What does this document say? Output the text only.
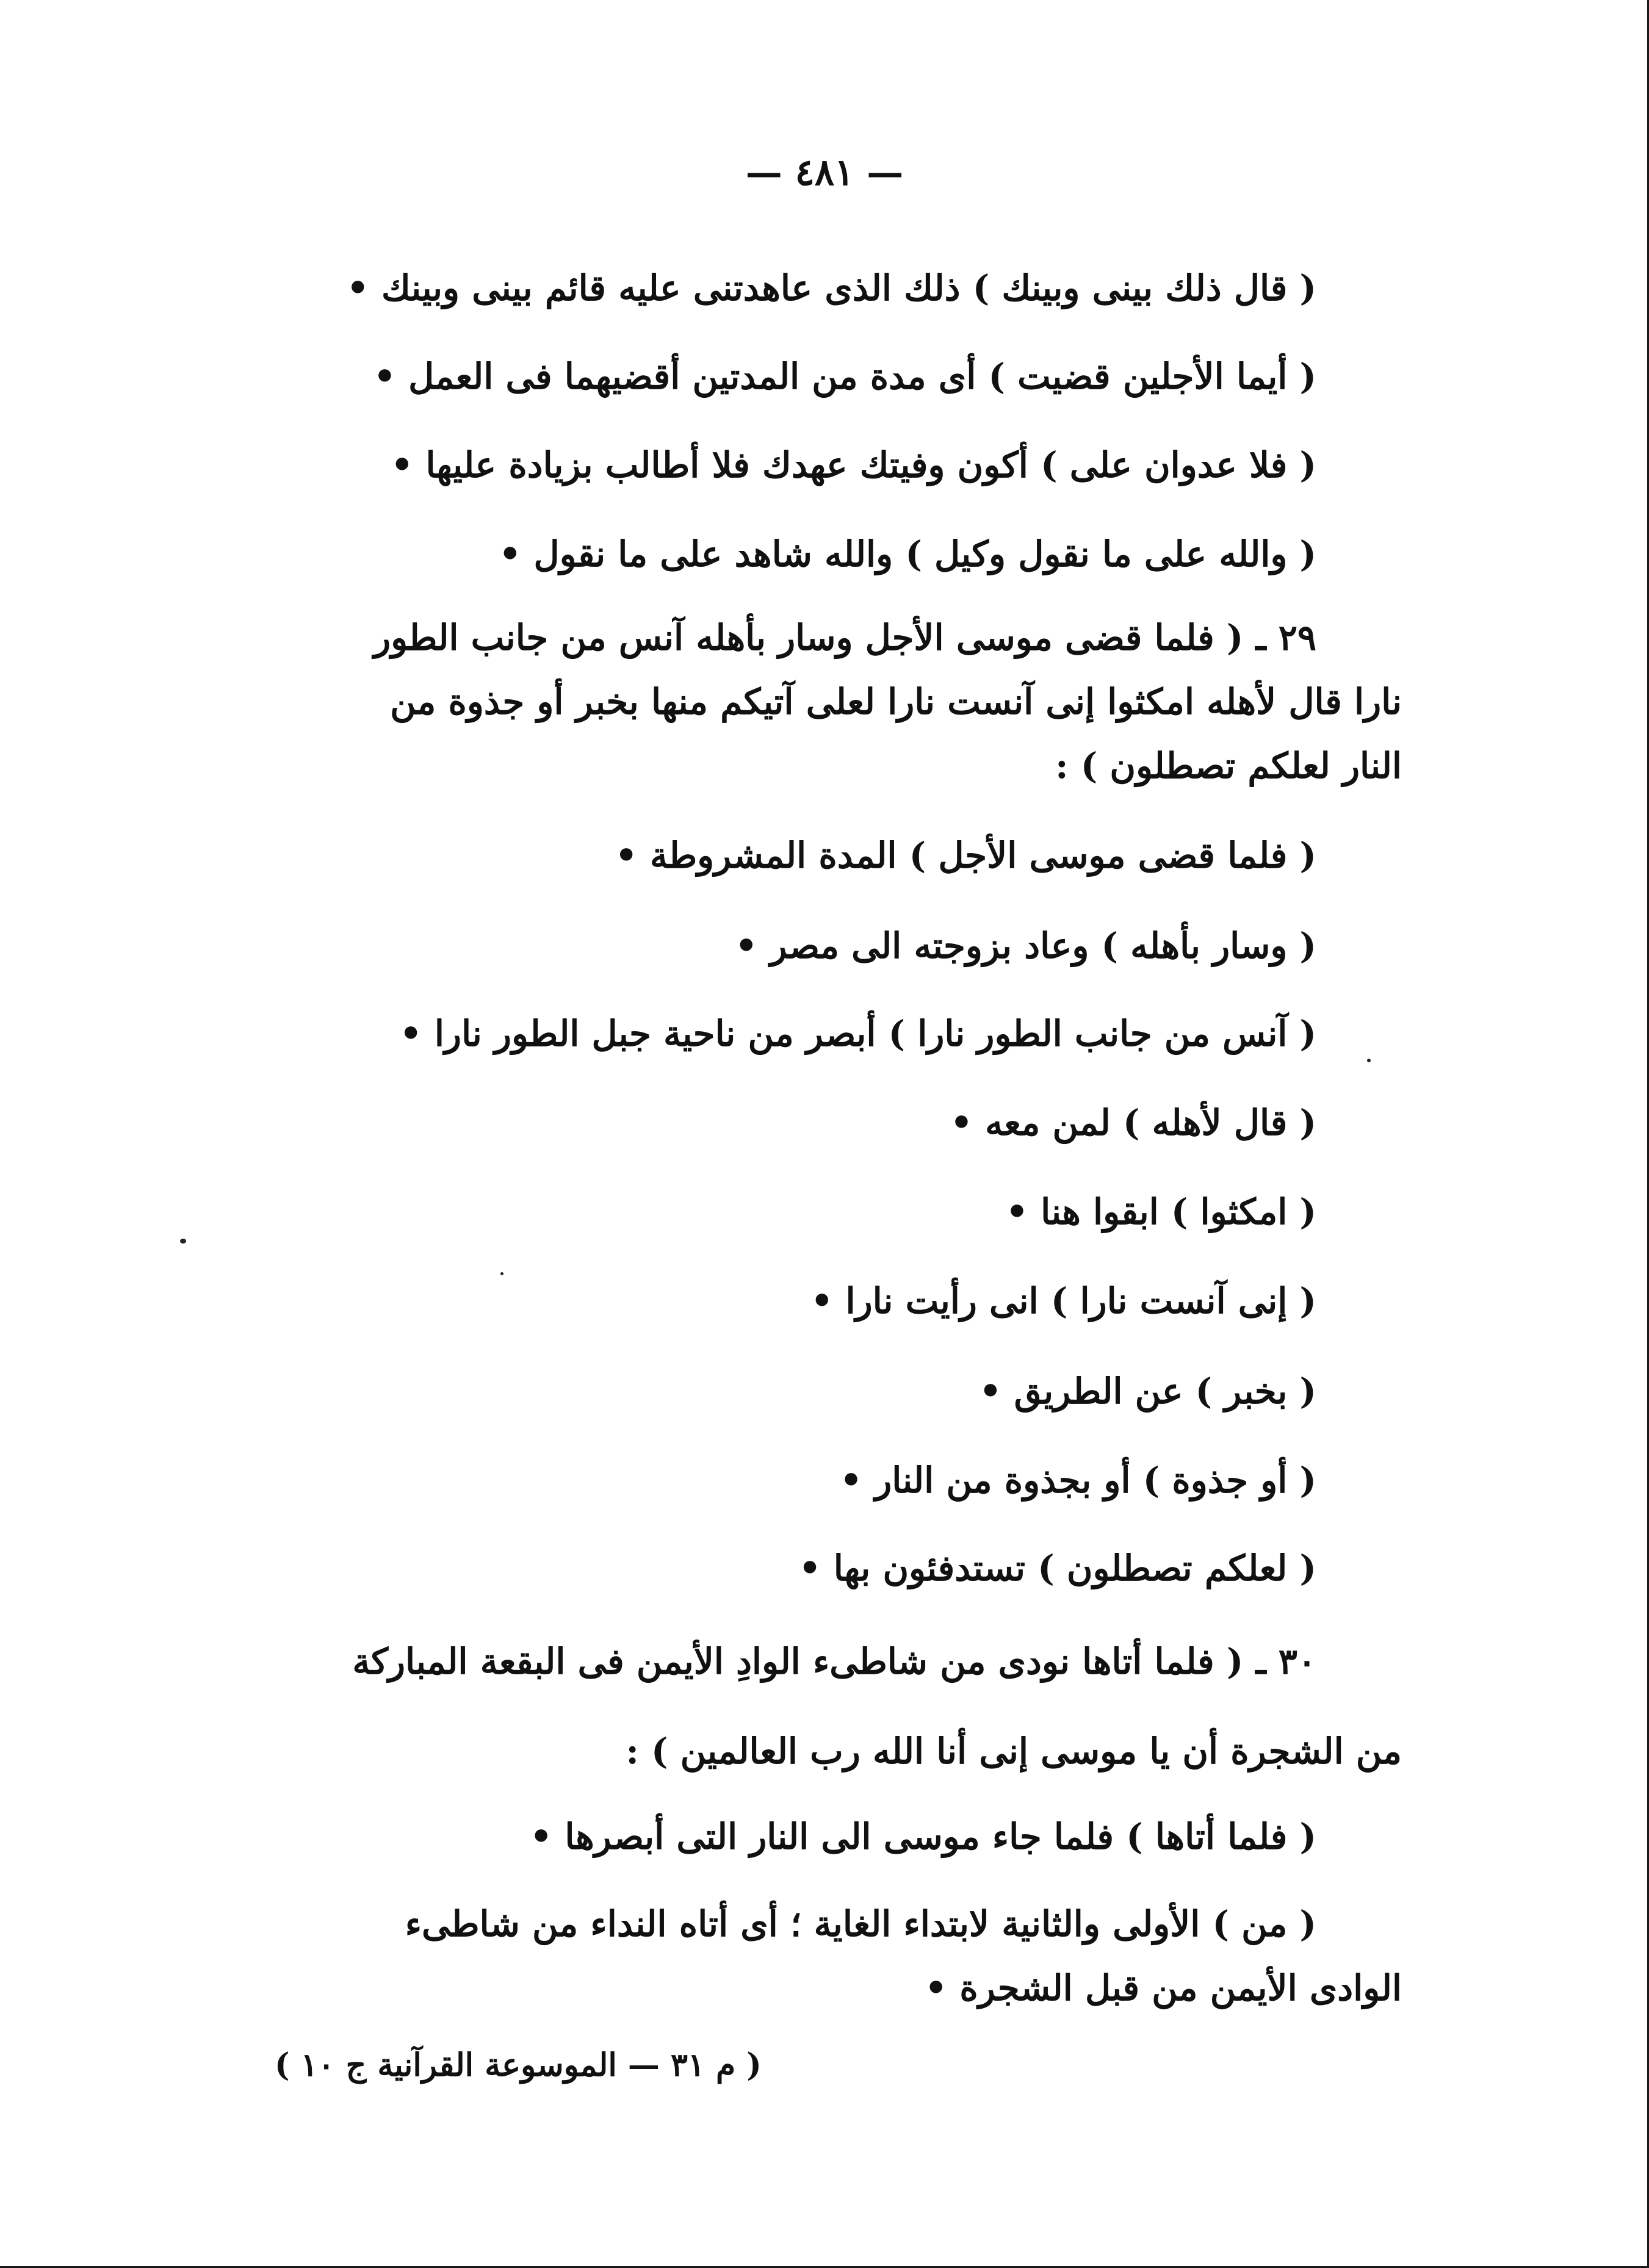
— ٤٨١ —
( قال ذلك بينى وبينك ) ذلك الذى عاهدتنى عليه قائم بينى وبينك •
( أيما الأجلين قضيت ) أى مدة من المدتين أقضيهما فى العمل •
( فلا عدوان على ) أكون وفيتك عهدك فلا أطالب بزيادة عليها •
( والله على ما نقول وكيل ) والله شاهد على ما نقول •
٢٩ ـ ( فلما قضى موسى الأجل وسار بأهله آنس من جانب الطور
نارا قال لأهله امكثوا إنى آنست نارا لعلى آتيكم منها بخبر أو جذوة من
النار لعلكم تصطلون ) :
( فلما قضى موسى الأجل ) المدة المشروطة •
( وسار بأهله ) وعاد بزوجته الى مصر •
( آنس من جانب الطور نارا ) أبصر من ناحية جبل الطور نارا •
( قال لأهله ) لمن معه •
( امكثوا ) ابقوا هنا •
( إنى آنست نارا ) انى رأيت نارا •
( بخبر ) عن الطريق •
( أو جذوة ) أو بجذوة من النار •
( لعلكم تصطلون ) تستدفئون بها •
٣٠ ـ ( فلما أتاها نودى من شاطىء الوادِ الأيمن فى البقعة المباركة
من الشجرة أن يا موسى إنى أنا الله رب العالمين ) :
( فلما أتاها ) فلما جاء موسى الى النار التى أبصرها •
( من ) الأولى والثانية لابتداء الغاية ؛ أى أتاه النداء من شاطىء
الوادى الأيمن من قبل الشجرة •
( م ٣١ — الموسوعة القرآنية ج ١٠ )
